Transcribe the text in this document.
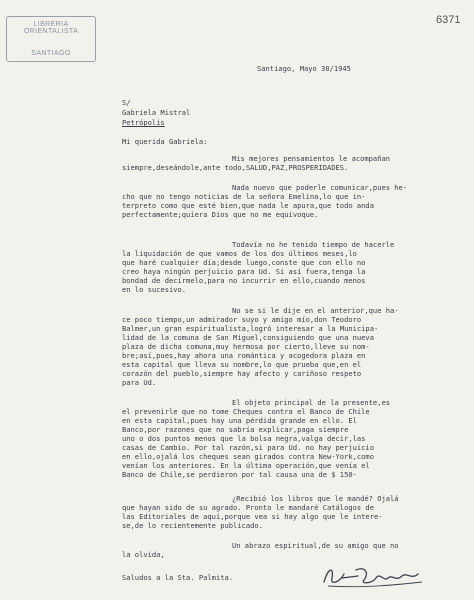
LIBRERIA ORIENTALISTA
SANTIAGO
6371
Santiago, Mayo 30/1945
S/
Gabriela Mistral
Petrópolis
Mi querida Gabriela:
Mis mejores pensamientos le acompañan
siempre,deseándole,ante todo,SALUD,PAZ,PROSPERIDADES.
Nada nuevo que poderle comunicar,pues he-
cho que no tengo noticias de la señora Emelina,lo que in-
terpreto como que esté bien,que nada le apura,que todo anda
perfectamente;quiera Dios que no me equivoque.
Todavía no he tenido tiempo de hacerle
la liquidación de que vamos de los dos últimos meses,lo
que haré cualquier día;desde luego,conste que con ello no
creo haya ningún perjuicio para Ud. Si así fuera,tenga la
bondad de decírmelo,para no incurrir en ello,cuando menos
en lo sucesivo.
No se si le dije en el anterior,que ha-
ce poco tiempo,un admirador suyo y amigo mío,don Teodoro
Balmer,un gran espiritualista,logró interesar a la Municipa-
lidad de la comuna de San Miguel,consiguiendo que una nueva
plaza de dicha comuna,muy hermosa por cierto,lleve su nom-
bre;así,pues,hay ahora una romántica y acogedora plaza en
esta capital que lleva su nombre,lo que prueba que,en el
corazón del pueblo,siempre hay afecto y cariñoso respeto
para Ud.
El objeto principal de la presente,es
el prevenirle que no tome Cheques contra el Banco de Chile
en esta capital,pues hay una pérdida grande en ello. El
Banco,por razones que no sabría explicar,paga siempre
uno o dos puntos menos que la bolsa negra,valga decir,las
casas de Cambio. Por tal razón,si para Ud. no hay perjuicio
en ello,ojalá los cheques sean girados contra New-York,como
venían los anteriores. En la última operación,que venía el
Banco de Chile,se perdieron por tal causa una de $ 150-
¿Recibió los libros que le mandé? Ojalá
que hayan sido de su agrado. Pronto le mandaré Catálogos de
las Editoriales de aquí,porque vea si hay algo que le intere-
se,de lo recientemente publicado.
Un abrazo espiritual,de su amigo que no
la olvida,
Saludos a la Sta. Palmita.
